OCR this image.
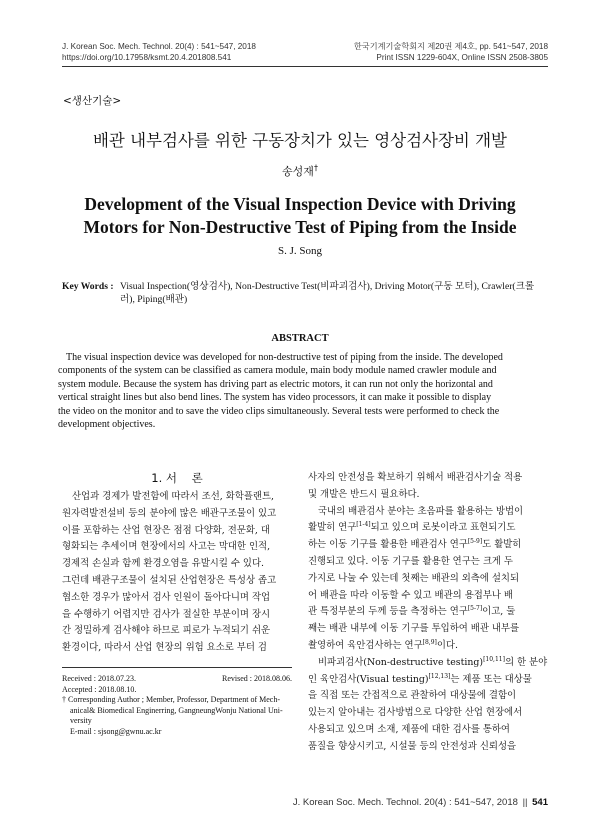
J. Korean Soc. Mech. Technol. 20(4) : 541~547, 2018
https://doi.org/10.17958/ksmt.20.4.201808.541
한국기계기술학회지 제20권 제4호, pp. 541~547, 2018
Print ISSN 1229-604X, Online ISSN 2508-3805
<생산기술>
배관 내부검사를 위한 구동장치가 있는 영상검사장비 개발
송성재†
Development of the Visual Inspection Device with Driving
Motors for Non-Destructive Test of Piping from the Inside
S. J. Song
Key Words : Visual Inspection(영상검사), Non-Destructive Test(비파괴검사), Driving Motor(구동 모터), Crawler(크롤
러), Piping(배관)
ABSTRACT
The visual inspection device was developed for non-destructive test of piping from the inside. The developed
components of the system can be classified as camera module, main body module named crawler module and
system module. Because the system has driving part as electric motors, it can run not only the horizontal and
vertical straight lines but also bend lines. The system has video processors, it can make it possible to display
the video on the monitor and to save the video clips simultaneously. Several tests were performed to check the
development objectives.
1. 서    론
산업과 경제가 발전함에 따라서 조선, 화학플랜트,
원자력발전설비 등의 분야에 많은 배관구조물이 있고
이를 포함하는 산업 현장은 점점 다양화, 전문화, 대
형화되는 추세이며 현장에서의 사고는 막대한 인적,
경제적 손실과 함께 환경오염을 유발시킬 수 있다.
그런데 배관구조물이 설치된 산업현장은 특성상 좁고
협소한 경우가 많아서 검사 인원이 돌아다니며 작업
을 수행하기 어렵지만 검사가 절실한 부분이며 장시
간 정밀하게 검사해야 하므로 피로가 누적되기 쉬운
환경이다, 따라서 산업 현장의 위험 요소로 부터 검
Received : 2018.07.23.	Revised : 2018.08.06.
Accepted : 2018.08.10.
† Corresponding Author ; Member, Professor, Department of Mech-
anical& Biomedical Enginerring, GangneungWonju National Uni-
versity
E-mail : sjsong@gwnu.ac.kr
사자의 안전성을 확보하기 위해서 배관검사기술 적용
및 개발은 반드시 필요하다.
국내의 배관검사 분야는 초음파를 활용하는 방법이
활발히 연구[1-4]되고 있으며 로봇이라고 표현되기도
하는 이동 기구를 활용한 배관검사 연구[5-9]도 활발히
진행되고 있다. 이동 기구를 활용한 연구는 크게 두
가지로 나눌 수 있는데 첫째는 배관의 외측에 설치되
어 배관을 따라 이동할 수 있고 배관의 용접부나 배
관 특정부분의 두께 등을 측정하는 연구[5-7]이고, 둘
째는 배관 내부에 이동 기구를 투입하여 배관 내부를
촬영하여 육안검사하는 연구[8,9]이다.
비파괴검사(Non-destructive testing)[10,11]의 한 분야
인 육안검사(Visual testing)[12,13]는 제품 또는 대상물
을 직접 또는 간접적으로 관찰하여 대상물에 결함이
있는지 알아내는 검사방법으로 다양한 산업 현장에서
사용되고 있으며 소재, 제품에 대한 검사를 통하여
품질을 향상시키고, 시설물 등의 안전성과 신뢰성을
J. Korean Soc. Mech. Technol. 20(4) : 541~547, 2018 || 541
